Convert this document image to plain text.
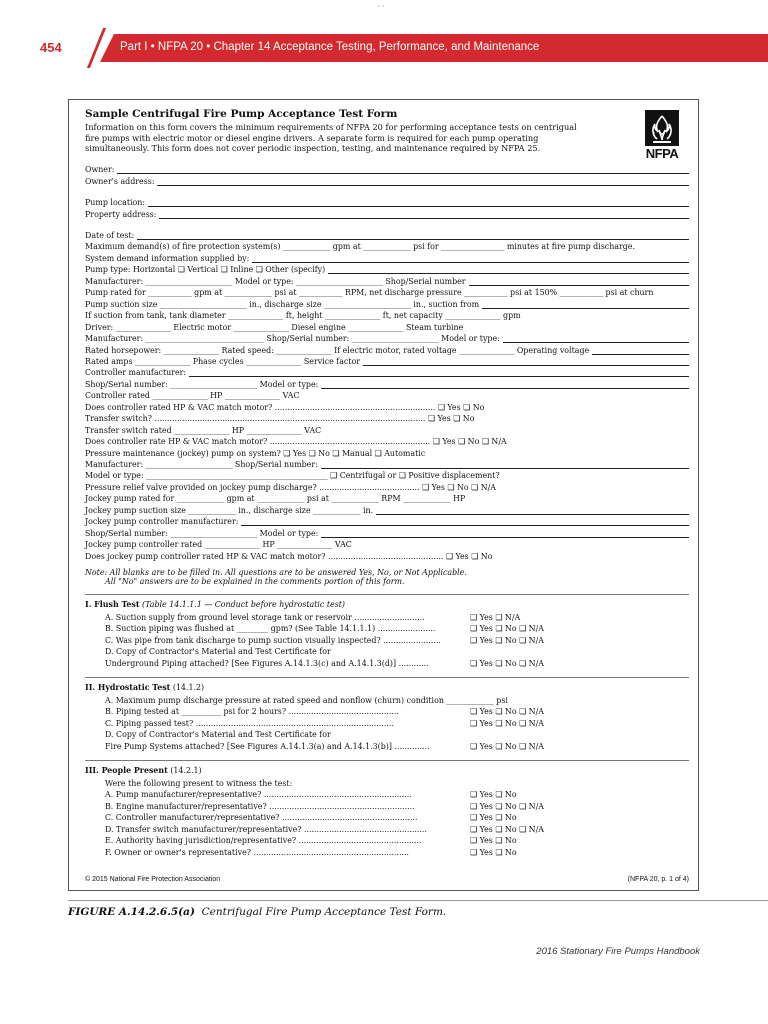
' '
454	Part I • NFPA 20 • Chapter 14 Acceptance Testing, Performance, and Maintenance
Sample Centrifugal Fire Pump Acceptance Test Form
Information on this form covers the minimum requirements of NFPA 20 for performing acceptance tests on centrigual fire pumps with electric motor or diesel engine drivers. A separate form is required for each pump operating simultaneously. This form does not cover periodic inspection, testing, and maintenance required by NFPA 25.	NFPA
Owner:
Owner's address:
Pump location:
Property address:
Date of test:
Maximum demand(s) of fire protection system(s) ____________ gpm at ____________ psi for ________________ minutes at fire pump discharge.
System demand information supplied by:
Pump type: Horizontal ❑ Vertical ❑ Inline ❑ Other (specify)
Manufacturer: ______________________ Model or type: ______________________ Shop/Serial number
Pump rated for ___________ gpm at ____________ psi at ___________ RPM, net discharge pressure ___________ psi at 150% ___________ psi at churn
Pump suction size ______________________ in., discharge size ______________________ in., suction from
If suction from tank, tank diameter ______________ ft, height ______________ ft, net capacity ______________ gpm
Driver: ______________ Electric motor ______________ Diesel engine ______________ Steam turbine
Manufacturer: ______________________________ Shop/Serial number: ______________________ Model or type:
Rated horsepower: ______________ Rated speed: ______________ If electric motor, rated voltage ______________ Operating voltage
Rated amps ______________ Phase cycles ______________ Service factor
Controller manufacturer:
Shop/Serial number: ______________________ Model or type:
Controller rated ______________ HP ______________ VAC
Does controller rated HP & VAC match motor? ................................................................ ❑ Yes ❑ No
Transfer switch? ............................................................................................................ ❑ Yes ❑ No
Transfer switch rated ______________ HP ______________ VAC
Does controller rate HP & VAC match motor? ................................................................ ❑ Yes ❑ No ❑ N/A
Pressure maintenance (jockey) pump on system? ❑ Yes ❑ No ❑ Manual ❑ Automatic
Manufacturer: ______________________ Shop/Serial number:
Model or type: ______________________________________________ ❑ Centrifugal or ❑ Positive displacement?
Pressure relief valve provided on jockey pump discharge? ........................................ ❑ Yes ❑ No ❑ N/A
Jockey pump rated for ____________ gpm at ____________ psi at ____________ RPM ____________ HP
Jockey pump suction size ____________ in., discharge size ____________ in.
Jockey pump controller manufacturer:
Shop/Serial number: ______________________ Model or type:
Jockey pump controller rated ______________ HP ______________ VAC
Does jockey pump controller rated HP & VAC match motor? .............................................. ❑ Yes ❑ No
Note: All blanks are to be filled in. All questions are to be answered Yes, No, or Not Applicable.
All "No" answers are to be explained in the comments portion of this form.
I. Flush Test (Table 14.1.1.1 — Conduct before hydrostatic test)
A. Suction supply from ground level storage tank or reservoir ............................	❑ Yes ❑ N/A
B. Suction piping was flushed at ________ gpm? (See Table 14.1.1.1) .......................	❑ Yes ❑ No ❑ N/A
C. Was pipe from tank discharge to pump suction visually inspected? .......................	❑ Yes ❑ No ❑ N/A
D. Copy of Contractor's Material and Test Certificate for
Underground Piping attached? [See Figures A.14.1.3(c) and A.14.1.3(d)] ............	❑ Yes ❑ No ❑ N/A
II. Hydrostatic Test (14.1.2)
A. Maximum pump discharge pressure at rated speed and nonflow (churn) condition ____________ psi
B. Piping tested at __________ psi for 2 hours? ............................................	❑ Yes ❑ No ❑ N/A
C. Piping passed test? ...............................................................................	❑ Yes ❑ No ❑ N/A
D. Copy of Contractor's Material and Test Certificate for
Fire Pump Systems attached? [See Figures A.14.1.3(a) and A.14.1.3(b)] ..............	❑ Yes ❑ No ❑ N/A
III. People Present (14.2.1)
Were the following present to witness the test:
A. Pump manufacturer/representative? ...........................................................	❑ Yes ❑ No
B. Engine manufacturer/representative? ..........................................................	❑ Yes ❑ No ❑ N/A
C. Controller manufacturer/representative? ......................................................	❑ Yes ❑ No
D. Transfer switch manufacturer/representative? .................................................	❑ Yes ❑ No ❑ N/A
E. Authority having jurisdiction/representative? .................................................	❑ Yes ❑ No
F. Owner or owner's representative? ..............................................................	❑ Yes ❑ No
© 2015 National Fire Protection Association	(NFPA 20, p. 1 of 4)
FIGURE A.14.2.6.5(a) Centrifugal Fire Pump Acceptance Test Form.
2016 Stationary Fire Pumps Handbook
